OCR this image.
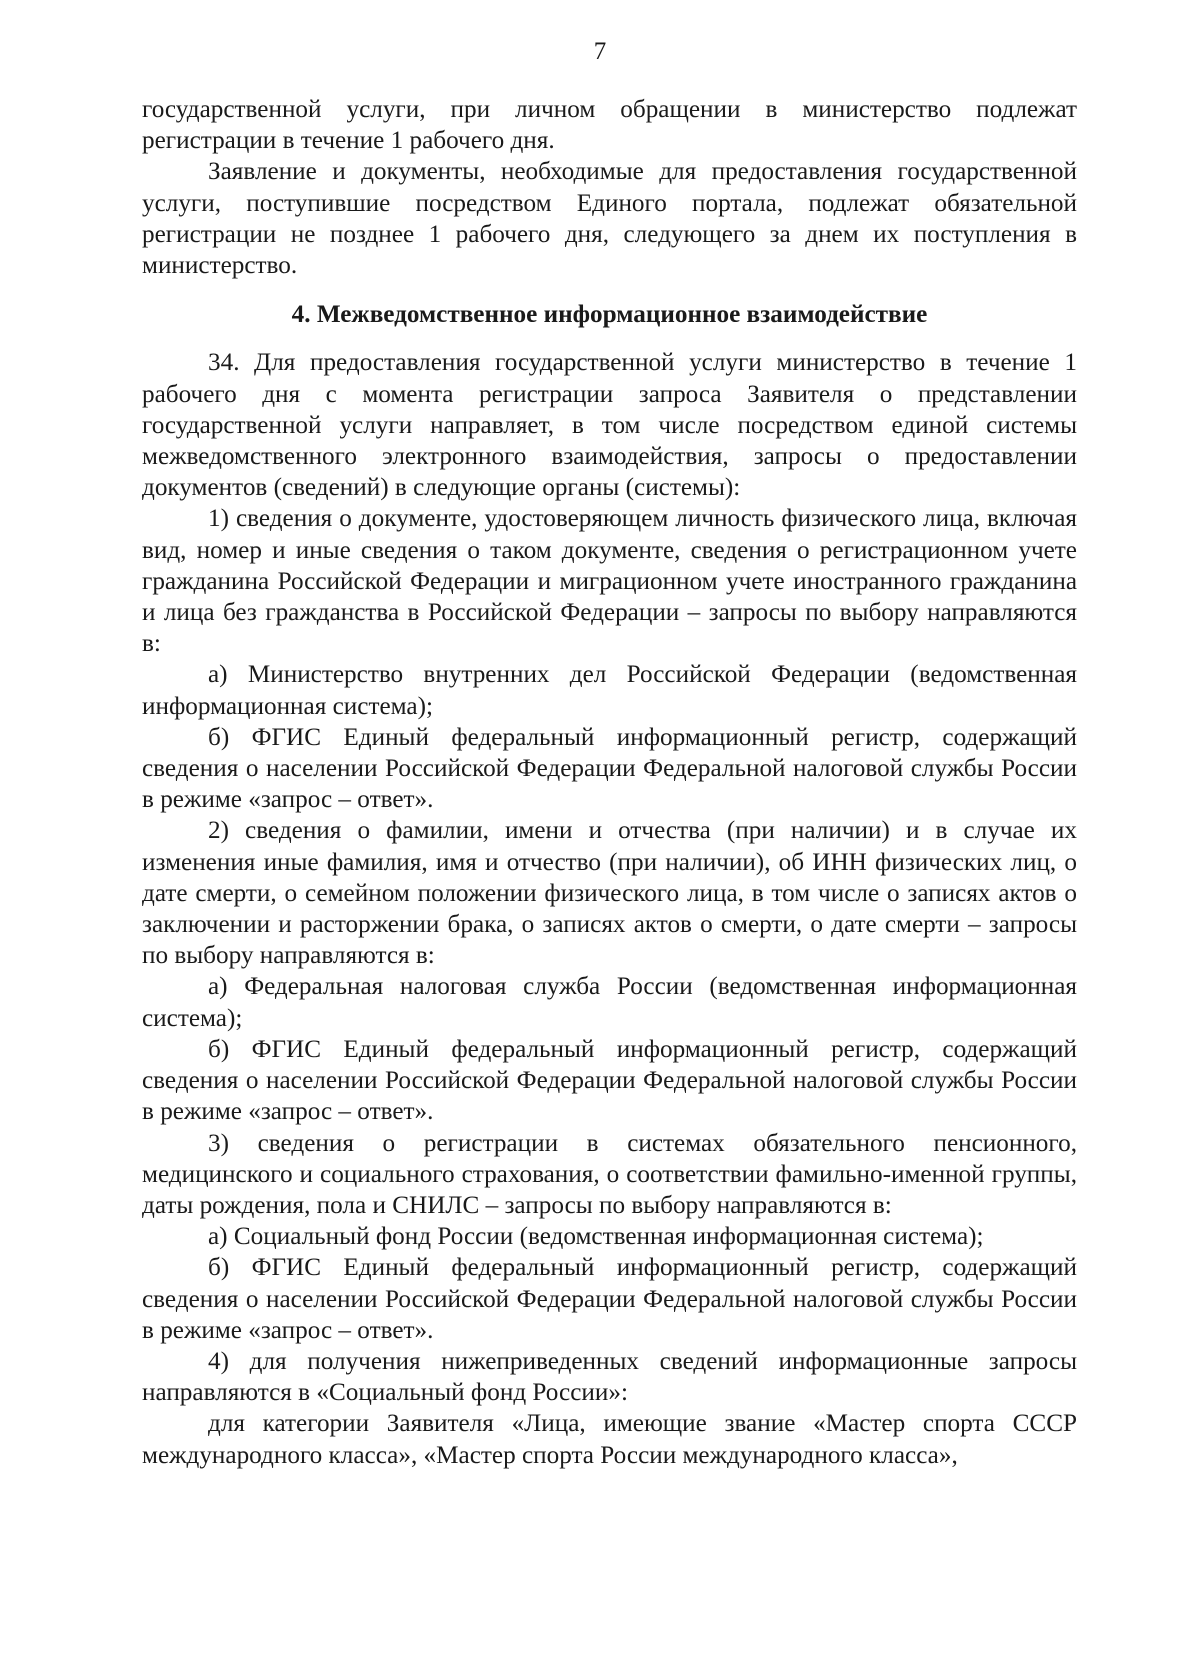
7

государственной услуги, при личном обращении в министерство подлежат регистрации в течение 1 рабочего дня.

Заявление и документы, необходимые для предоставления государственной услуги, поступившие посредством Единого портала, подлежат обязательной регистрации не позднее 1 рабочего дня, следующего за днем их поступления в министерство.

4. Межведомственное информационное взаимодействие

34. Для предоставления государственной услуги министерство в течение 1 рабочего дня с момента регистрации запроса Заявителя о представлении государственной услуги направляет, в том числе посредством единой системы межведомственного электронного взаимодействия, запросы о предоставлении документов (сведений) в следующие органы (системы):

1) сведения о документе, удостоверяющем личность физического лица, включая вид, номер и иные сведения о таком документе, сведения о регистрационном учете гражданина Российской Федерации и миграционном учете иностранного гражданина и лица без гражданства в Российской Федерации – запросы по выбору направляются в:

а) Министерство внутренних дел Российской Федерации (ведомственная информационная система);

б) ФГИС Единый федеральный информационный регистр, содержащий сведения о населении Российской Федерации Федеральной налоговой службы России в режиме «запрос – ответ».

2) сведения о фамилии, имени и отчества (при наличии) и в случае их изменения иные фамилия, имя и отчество (при наличии), об ИНН физических лиц, о дате смерти, о семейном положении физического лица, в том числе о записях актов о заключении и расторжении брака, о записях актов о смерти, о дате смерти – запросы по выбору направляются в:

а) Федеральная налоговая служба России (ведомственная информационная система);

б) ФГИС Единый федеральный информационный регистр, содержащий сведения о населении Российской Федерации Федеральной налоговой службы России в режиме «запрос – ответ».

3) сведения о регистрации в системах обязательного пенсионного, медицинского и социального страхования, о соответствии фамильно-именной группы, даты рождения, пола и СНИЛС – запросы по выбору направляются в:

а) Социальный фонд России (ведомственная информационная система);

б) ФГИС Единый федеральный информационный регистр, содержащий сведения о населении Российской Федерации Федеральной налоговой службы России в режиме «запрос – ответ».

4) для получения нижеприведенных сведений информационные запросы направляются в «Социальный фонд России»:

для категории Заявителя «Лица, имеющие звание «Мастер спорта СССР международного класса», «Мастер спорта России международного класса»,
